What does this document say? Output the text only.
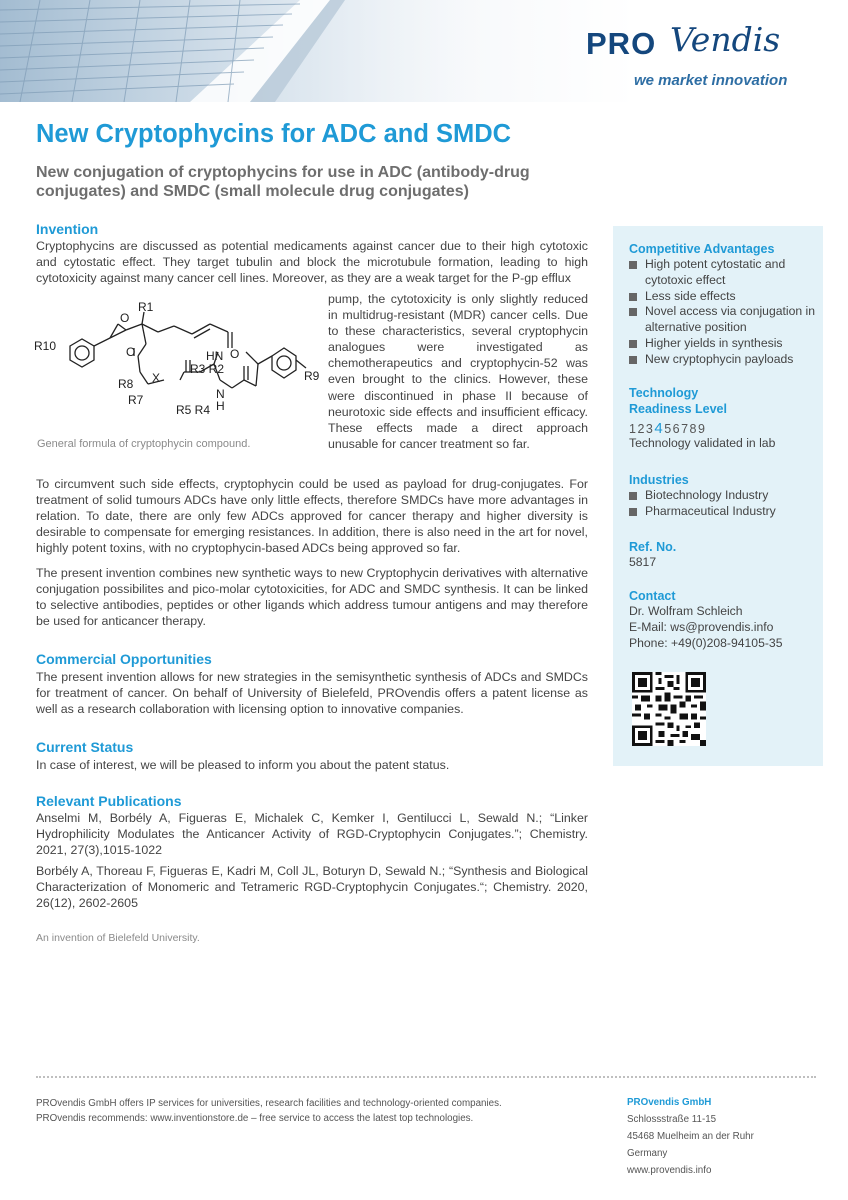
PRO Vendis
we market innovation
New Cryptophycins for ADC and SMDC
New conjugation of cryptophycins for use in ADC (antibody-drug conjugates) and SMDC (small molecule drug conjugates)
Invention

Cryptophycins are discussed as potential medicaments against cancer due to their high cytotoxic and cytostatic effect. They target tubulin and block the microtubule formation, leading to high cytotoxicity against many cancer cell lines. Moreover, as they are a weak target for the P-gp efflux

pump, the cytotoxicity is only slightly reduced in multidrug-resistant (MDR) cancer cells. Due to these characteristics, several cryptophycin analogues were investigated as chemotherapeutics and cryptophycin-52 was even brought to the clinics. However, these were discontinued in phase II because of neurotoxic side effects and insufficient efficacy. These effects made a direct approach unusable for cancer treatment so far.

R1
R10
O
O
O
R3 R2
HN
R8 X
R7
R5 R4
N
H
R9
General formula of cryptophycin compound.

To circumvent such side effects, cryptophycin could be used as payload for drug-conjugates. For treatment of solid tumours ADCs have only little effects, therefore SMDCs have more advantages in relation. To date, there are only few ADCs approved for cancer therapy and higher diversity is desirable to compensate for emerging resistances. In addition, there is also need in the art for novel, highly potent toxins, with no cryptophycin-based ADCs being approved so far.

The present invention combines new synthetic ways to new Cryptophycin derivatives with alternative conjugation possibilites and pico-molar cytotoxicities, for ADC and SMDC synthesis. It can be linked to selective antibodies, peptides or other ligands which address tumour antigens and may therefore be used for anticancer therapy.

Commercial Opportunities

The present invention allows for new strategies in the semisynthetic synthesis of ADCs and SMDCs for treatment of cancer. On behalf of University of Bielefeld, PROvendis offers a patent license as well as a research collaboration with licensing option to innovative companies.

Current Status

In case of interest, we will be pleased to inform you about the patent status.

Relevant Publications

Anselmi M, Borbély A, Figueras E, Michalek C, Kemker I, Gentilucci L, Sewald N.; “Linker Hydrophilicity Modulates the Anticancer Activity of RGD-Cryptophycin Conjugates.”; Chemistry. 2021, 27(3),1015-1022

Borbély A, Thoreau F, Figueras E, Kadri M, Coll JL, Boturyn D, Sewald N.; “Synthesis and Biological Characterization of Monomeric and Tetrameric RGD-Cryptophycin Conjugates.“; Chemistry. 2020, 26(12), 2602-2605

An invention of Bielefeld University.
Competitive Advantages
High potent cytostatic and cytotoxic effect
Less side effects
Novel access via conjugation in alternative position
Higher yields in synthesis
New cryptophycin payloads
Technology Readiness Level
123456789

Technology validated in lab

Industries
Biotechnology Industry
Pharmaceutical Industry
Ref. No.

5817

Contact

Dr. Wolfram Schleich

E-Mail: ws@provendis.info

Phone: +49(0)208-94105-35

PROvendis GmbH offers IP services for universities, research facilities and technology-oriented companies.
PROvendis recommends: www.inventionstore.de – free service to access the latest top technologies.
PROvendis GmbH
Schlossstraße 11-15
45468 Muelheim an der Ruhr
Germany
www.provendis.info
